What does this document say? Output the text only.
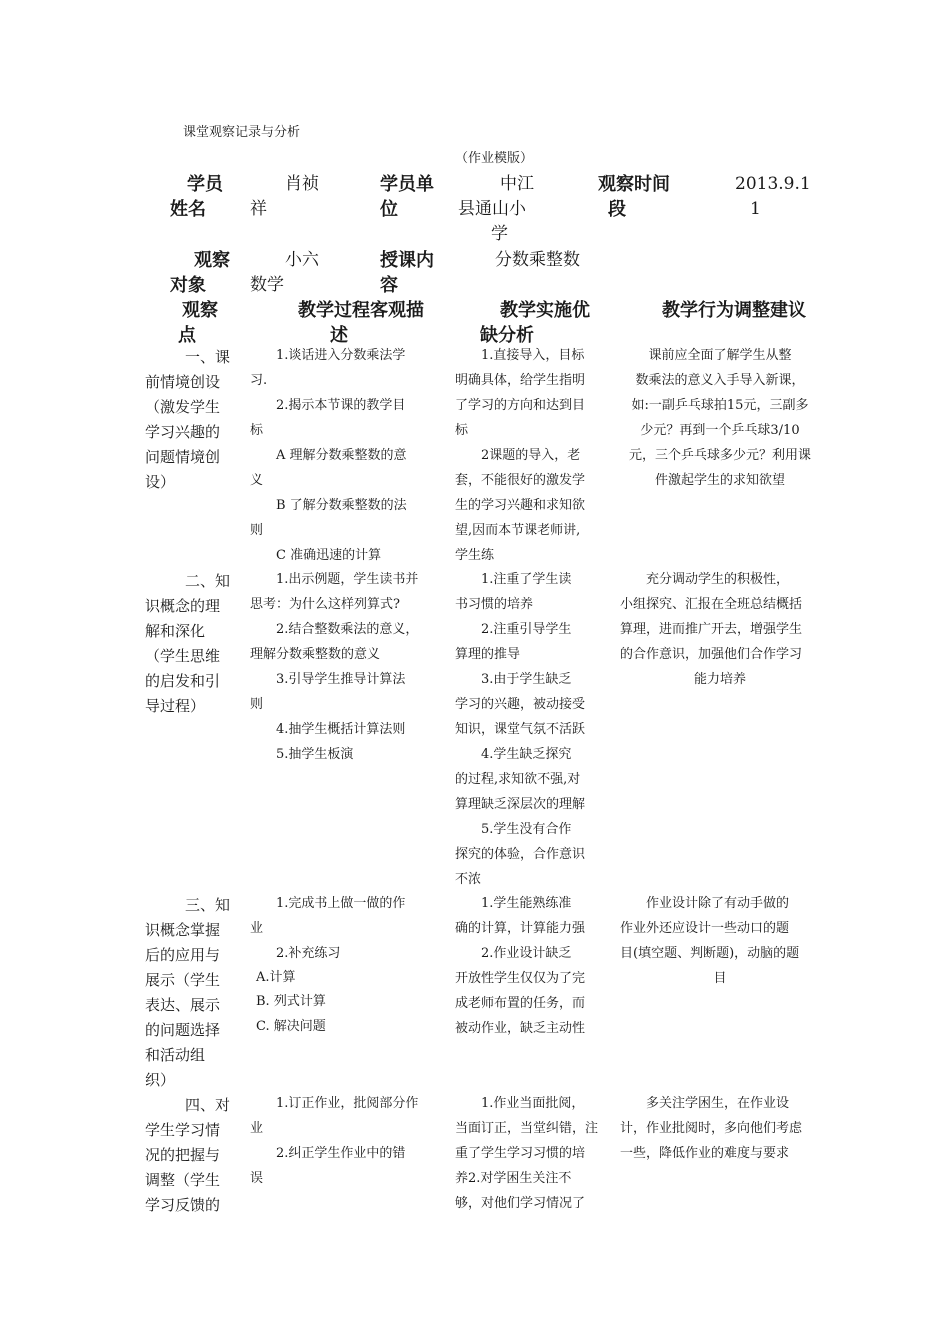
课堂观察记录与分析
（作业模版）
学员
姓名
肖祯
祥
学员单
位
中江
县通山小
学
观察时间
段
2013.9.1
1
观察
对象
小六
数学
授课内
容
分数乘整数
观察
点
教学过程客观描
述
教学实施优
缺分析
教学行为调整建议

一、课

前情境创设

（激发学生

学习兴趣的

问题情境创

设）

1.谈话进入分数乘法学

习.

2.揭示本节课的教学目

标

A 理解分数乘整数的意

义

B 了解分数乘整数的法

则

C 准确迅速的计算

1.直接导入，目标

明确具体，给学生指明

了学习的方向和达到目

标

2课题的导入，老

套，不能很好的激发学

生的学习兴趣和求知欲

望,因而本节课老师讲,

学生练

课前应全面了解学生从整

数乘法的意义入手导入新课，

如:一副乒乓球拍15元，三副多

少元？再到一个乒乓球3/10

元，三个乒乓球多少元？利用课

件激起学生的求知欲望

二、知

识概念的理

解和深化

（学生思维

的启发和引

导过程）

1.出示例题，学生读书并

思考：为什么这样列算式?

2.结合整数乘法的意义，

理解分数乘整数的意义

3.引导学生推导计算法

则

4.抽学生概括计算法则

5.抽学生板演

1.注重了学生读

书习惯的培养

2.注重引导学生

算理的推导

3.由于学生缺乏

学习的兴趣，被动接受

知识，课堂气氛不活跃

4.学生缺乏探究

的过程,求知欲不强,对

算理缺乏深层次的理解

5.学生没有合作

探究的体验，合作意识

不浓

充分调动学生的积极性，

小组探究、汇报在全班总结概括

算理，进而推广开去，增强学生

的合作意识，加强他们合作学习

能力培养

三、知

识概念掌握

后的应用与

展示（学生

表达、展示

的问题选择

和活动组

织）

1.完成书上做一做的作

业

2.补充练习

A.计算

B. 列式计算

C. 解决问题

1.学生能熟练准

确的计算，计算能力强

2.作业设计缺乏

开放性学生仅仅为了完

成老师布置的任务，而

被动作业，缺乏主动性

作业设计除了有动手做的

作业外还应设计一些动口的题

目(填空题、判断题)，动脑的题

目

四、对

学生学习情

况的把握与

调整（学生

学习反馈的

1.订正作业，批阅部分作

业

2.纠正学生作业中的错

误

1.作业当面批阅，

当面订正，当堂纠错，注

重了学生学习习惯的培

养2.对学困生关注不

够，对他们学习情况了

多关注学困生，在作业设

计，作业批阅时，多向他们考虑

一些，降低作业的难度与要求
